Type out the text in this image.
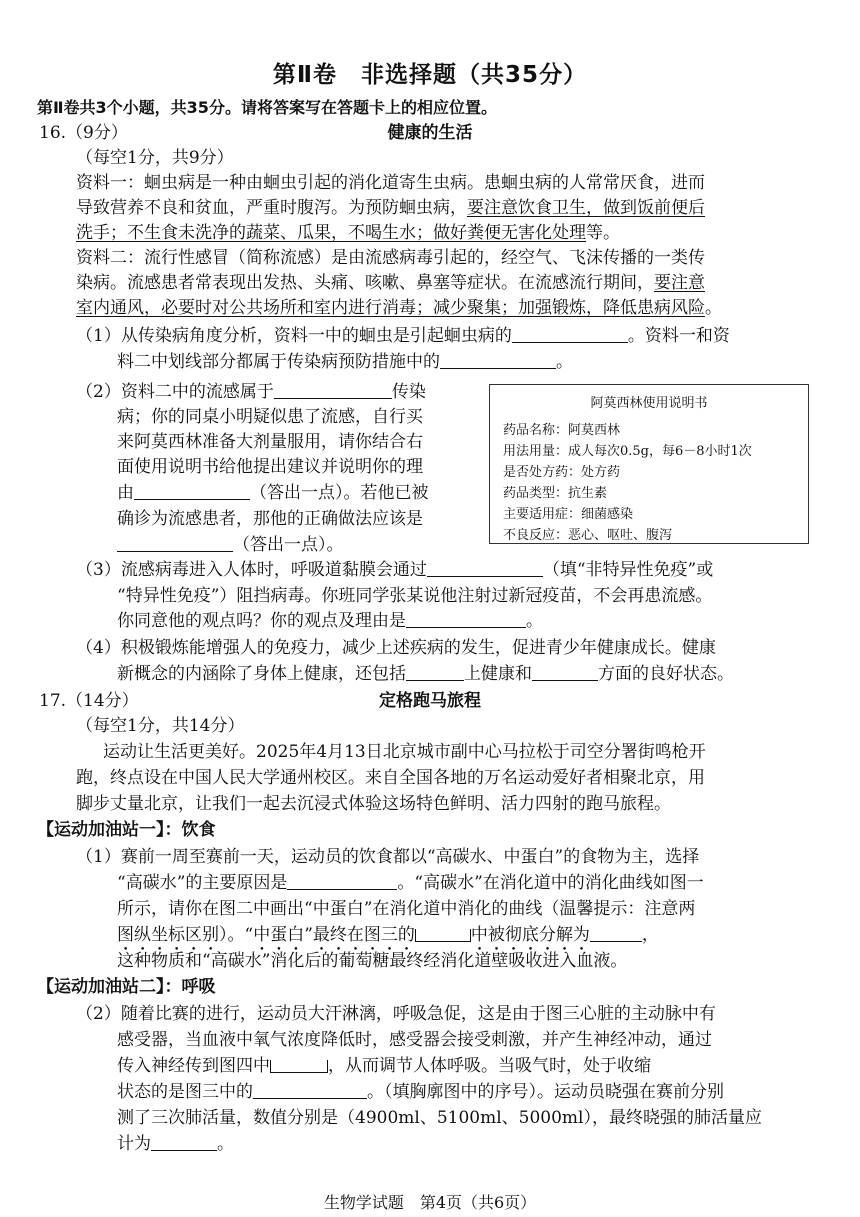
第Ⅱ卷　非选择题（共35分）
第Ⅱ卷共3个小题，共35分。请将答案写在答题卡上的相应位置。
16.（9分）	健康的生活
（每空1分，共9分）
资料一：蛔虫病是一种由蛔虫引起的消化道寄生虫病。患蛔虫病的人常常厌食，进而
导致营养不良和贫血，严重时腹泻。为预防蛔虫病，要注意饮食卫生，做到饭前便后
洗手；不生食未洗净的蔬菜、瓜果，不喝生水；做好粪便无害化处理等。
资料二：流行性感冒（简称流感）是由流感病毒引起的，经空气、飞沫传播的一类传
染病。流感患者常表现出发热、头痛、咳嗽、鼻塞等症状。在流感流行期间，要注意
室内通风，必要时对公共场所和室内进行消毒；减少聚集；加强锻炼，降低患病风险。
（1）从传染病角度分析，资料一中的蛔虫是引起蛔虫病的	。资料一和资
料二中划线部分都属于传染病预防措施中的	。
（2）资料二中的流感属于	传染
病；你的同桌小明疑似患了流感，自行买
来阿莫西林准备大剂量服用，请你结合右
面使用说明书给他提出建议并说明你的理
由	（答出一点）。若他已被
确诊为流感患者，那他的正确做法应该是
（答出一点）。
阿莫西林使用说明书
药品名称：阿莫西林
用法用量：成人每次0.5g，每6－8小时1次
是否处方药：处方药
药品类型：抗生素
主要适用症：细菌感染
不良反应：恶心、呕吐、腹泻
（3）流感病毒进入人体时，呼吸道黏膜会通过	（填“非特异性免疫”或
“特异性免疫”）阻挡病毒。你班同学张某说他注射过新冠疫苗，不会再患流感。
你同意他的观点吗？你的观点及理由是	。
（4）积极锻炼能增强人的免疫力，减少上述疾病的发生，促进青少年健康成长。健康
新概念的内涵除了身体上健康，还包括	上健康和	方面的良好状态。
17.（14分）	定格跑马旅程
（每空1分，共14分）
运动让生活更美好。2025年4月13日北京城市副中心马拉松于司空分署街鸣枪开
跑，终点设在中国人民大学通州校区。来自全国各地的万名运动爱好者相聚北京，用
脚步丈量北京，让我们一起去沉浸式体验这场特色鲜明、活力四射的跑马旅程。
【运动加油站一】：饮食
（1）赛前一周至赛前一天，运动员的饮食都以“高碳水、中蛋白”的食物为主，选择
“高碳水”的主要原因是	。“高碳水”在消化道中的消化曲线如图一
所示，请你在图二中画出“中蛋白”在消化道中消化的曲线（温馨提示：注意两
图纵坐标区别）。“中蛋白”最终在图三的	中被彻底分解为	，
这种物质和“高碳水”消化后的葡萄糖最终经消化道壁吸收进入血液。
【运动加油站二】：呼吸
（2）随着比赛的进行，运动员大汗淋漓，呼吸急促，这是由于图三心脏的主动脉中有
感受器，当血液中氧气浓度降低时，感受器会接受刺激，并产生神经冲动，通过
传入神经传到图四中	，从而调节人体呼吸。当吸气时，处于收缩
状态的是图三中的	。（填胸廓图中的序号）。运动员晓强在赛前分别
测了三次肺活量，数值分别是（4900ml、5100ml、5000ml），最终晓强的肺活量应
计为	。
生物学试题　第4页（共6页）
